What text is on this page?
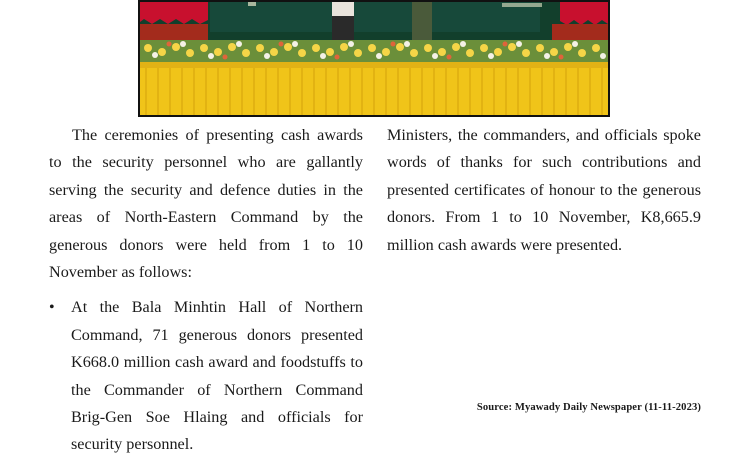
The ceremonies of presenting cash awards to the security personnel who are gallantly serving the security and defence duties in the areas of North-Eastern Command by the generous donors were held from 1 to 10 November as follows:

• At the Bala Minhtin Hall of Northern Command, 71 generous donors presented K668.0 million cash award and foodstuffs to the Commander of Northern Command Brig-Gen Soe Hlaing and officials for security personnel.

Ministers, the commanders, and officials spoke words of thanks for such contributions and presented certificates of honour to the generous donors. From 1 to 10 November, K8,665.9 million cash awards were presented.

Source: Myawady Daily Newspaper (11-11-2023)
